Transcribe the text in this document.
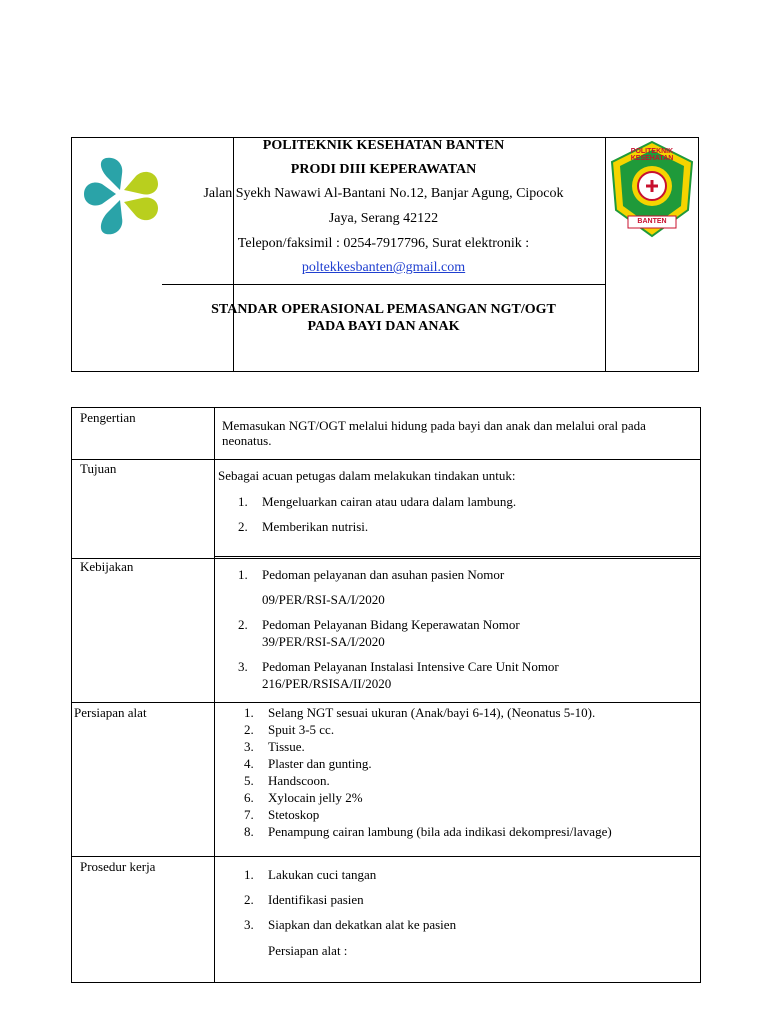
POLITEKNIK KESEHATAN BANTEN
PRODI DIII KEPERAWATAN
Jalan Syekh Nawawi Al-Bantani No.12, Banjar Agung, Cipocok
Jaya, Serang 42122
Telepon/faksimil : 0254-7917796, Surat elektronik :
poltekkesbanten@gmail.com
STANDAR OPERASIONAL PEMASANGAN NGT/OGT
PADA BAYI DAN ANAK
POLITEKNIK KESEHATAN
BANTEN
Pengertian
Memasukan NGT/OGT melalui hidung pada bayi dan anak dan melalui oral pada neonatus.
Tujuan	Sebagai acuan petugas dalam melakukan tindakan untuk:
1. Mengeluarkan cairan atau udara dalam lambung.
2. Memberikan nutrisi.
Kebijakan
1. Pedoman pelayanan dan asuhan pasien Nomor
09/PER/RSI-SA/I/2020
2. Pedoman Pelayanan Bidang Keperawatan Nomor
39/PER/RSI-SA/I/2020
3. Pedoman Pelayanan Instalasi Intensive Care Unit Nomor
216/PER/RSISA/II/2020
Persiapan alat	1. Selang NGT sesuai ukuran (Anak/bayi 6-14), (Neonatus 5-10).
2. Spuit 3-5 cc.
3. Tissue.
4. Plaster dan gunting.
5. Handscoon.
6. Xylocain jelly 2%
7. Stetoskop
8. Penampung cairan lambung (bila ada indikasi dekompresi/lavage)
Prosedur kerja
1. Lakukan cuci tangan
2. Identifikasi pasien
3. Siapkan dan dekatkan alat ke pasien
Persiapan alat :
